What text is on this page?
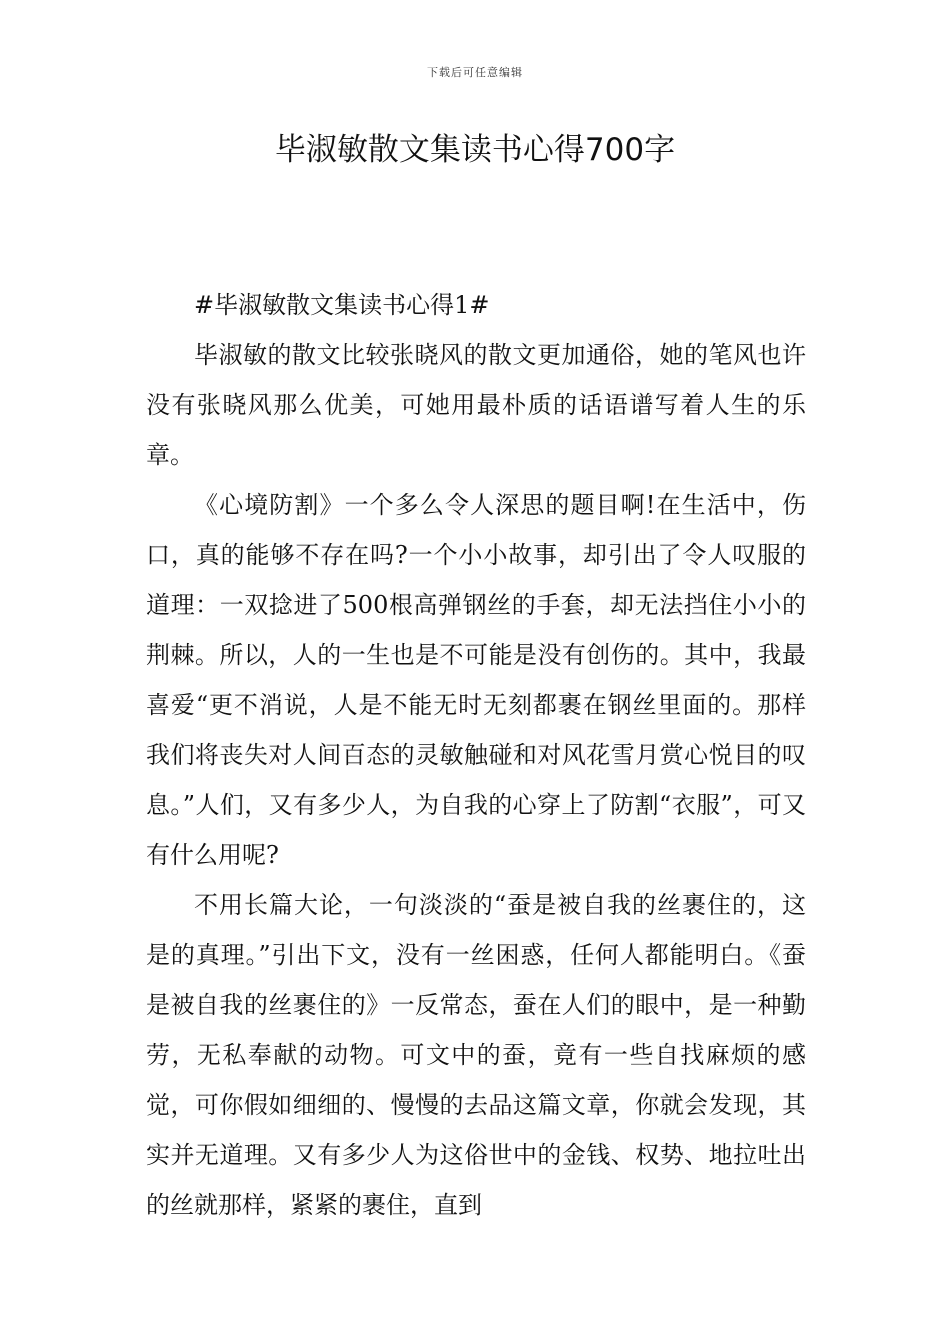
下载后可任意编辑
毕淑敏散文集读书心得700字

#毕淑敏散文集读书心得1#

毕淑敏的散文比较张晓风的散文更加通俗，她的笔风也许没有张晓风那么优美，可她用最朴质的话语谱写着人生的乐章。

《心境防割》一个多么令人深思的题目啊!在生活中，伤口，真的能够不存在吗?一个小小故事，却引出了令人叹服的道理：一双捻进了500根高弹钢丝的手套，却无法挡住小小的荆棘。所以，人的一生也是不可能是没有创伤的。其中，我最喜爱“更不消说，人是不能无时无刻都裹在钢丝里面的。那样我们将丧失对人间百态的灵敏触碰和对风花雪月赏心悦目的叹息。”人们，又有多少人，为自我的心穿上了防割“衣服”，可又有什么用呢?

不用长篇大论，一句淡淡的“蚕是被自我的丝裹住的，这是的真理。”引出下文，没有一丝困惑，任何人都能明白。《蚕是被自我的丝裹住的》一反常态，蚕在人们的眼中，是一种勤劳，无私奉献的动物。可文中的蚕，竟有一些自找麻烦的感觉，可你假如细细的、慢慢的去品这篇文章，你就会发现，其实并无道理。又有多少人为这俗世中的金钱、权势、地拉吐出的丝就那样，紧紧的裹住，直到
